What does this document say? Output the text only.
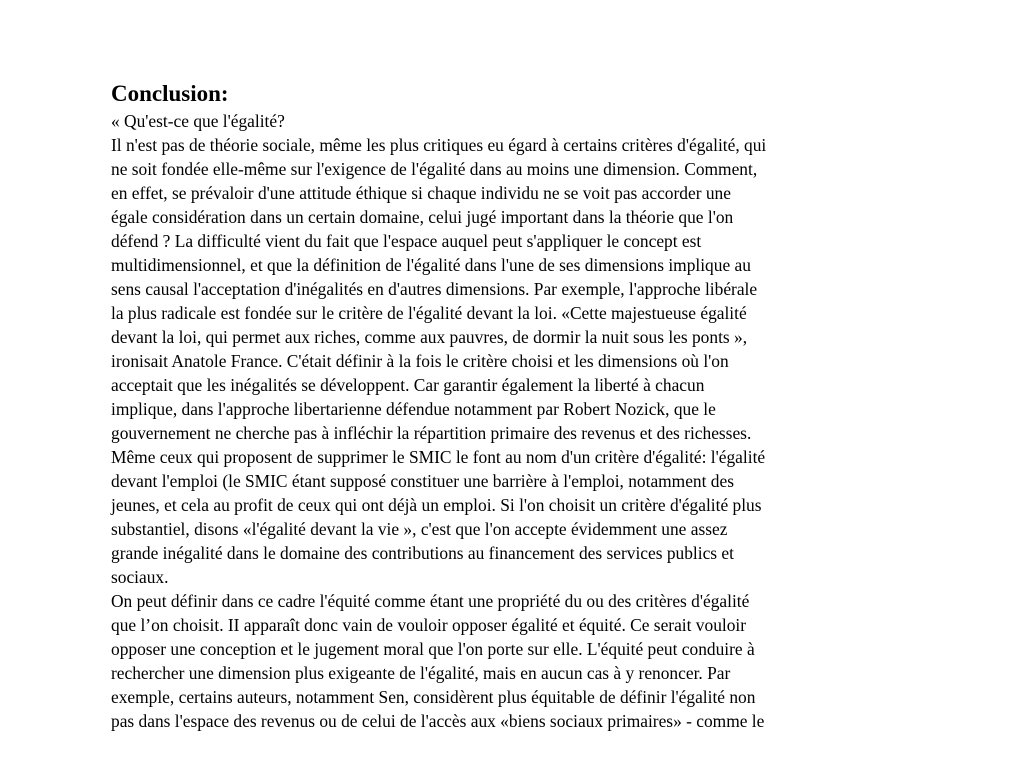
Conclusion:
« Qu'est-ce que l'égalité?
Il n'est pas de théorie sociale, même les plus critiques eu égard à certains critères d'égalité, qui
ne soit fondée elle-même sur l'exigence de l'égalité dans au moins une dimension. Comment,
en effet, se prévaloir d'une attitude éthique si chaque individu ne se voit pas accorder une
égale considération dans un certain domaine, celui jugé important dans la théorie que l'on
défend ? La difficulté vient du fait que l'espace auquel peut s'appliquer le concept est
multidimensionnel, et que la définition de l'égalité dans l'une de ses dimensions implique au
sens causal l'acceptation d'inégalités en d'autres dimensions. Par exemple, l'approche libérale
la plus radicale est fondée sur le critère de l'égalité devant la loi. «Cette majestueuse égalité
devant la loi, qui permet aux riches, comme aux pauvres, de dormir la nuit sous les ponts »,
ironisait Anatole France. C'était définir à la fois le critère choisi et les dimensions où l'on
acceptait que les inégalités se développent. Car garantir également la liberté à chacun
implique, dans l'approche libertarienne défendue notamment par Robert Nozick, que le
gouvernement ne cherche pas à infléchir la répartition primaire des revenus et des richesses.
Même ceux qui proposent de supprimer le SMIC le font au nom d'un critère d'égalité: l'égalité
devant l'emploi (le SMIC étant supposé constituer une barrière à l'emploi, notamment des
jeunes, et cela au profit de ceux qui ont déjà un emploi. Si l'on choisit un critère d'égalité plus
substantiel, disons «l'égalité devant la vie », c'est que l'on accepte évidemment une assez
grande inégalité dans le domaine des contributions au financement des services publics et
sociaux.
On peut définir dans ce cadre l'équité comme étant une propriété du ou des critères d'égalité
que l’on choisit. II apparaît donc vain de vouloir opposer égalité et équité. Ce serait vouloir
opposer une conception et le jugement moral que l'on porte sur elle. L'équité peut conduire à
rechercher une dimension plus exigeante de l'égalité, mais en aucun cas à y renoncer. Par
exemple, certains auteurs, notamment Sen, considèrent plus équitable de définir l'égalité non
pas dans l'espace des revenus ou de celui de l'accès aux «biens sociaux primaires» - comme le
